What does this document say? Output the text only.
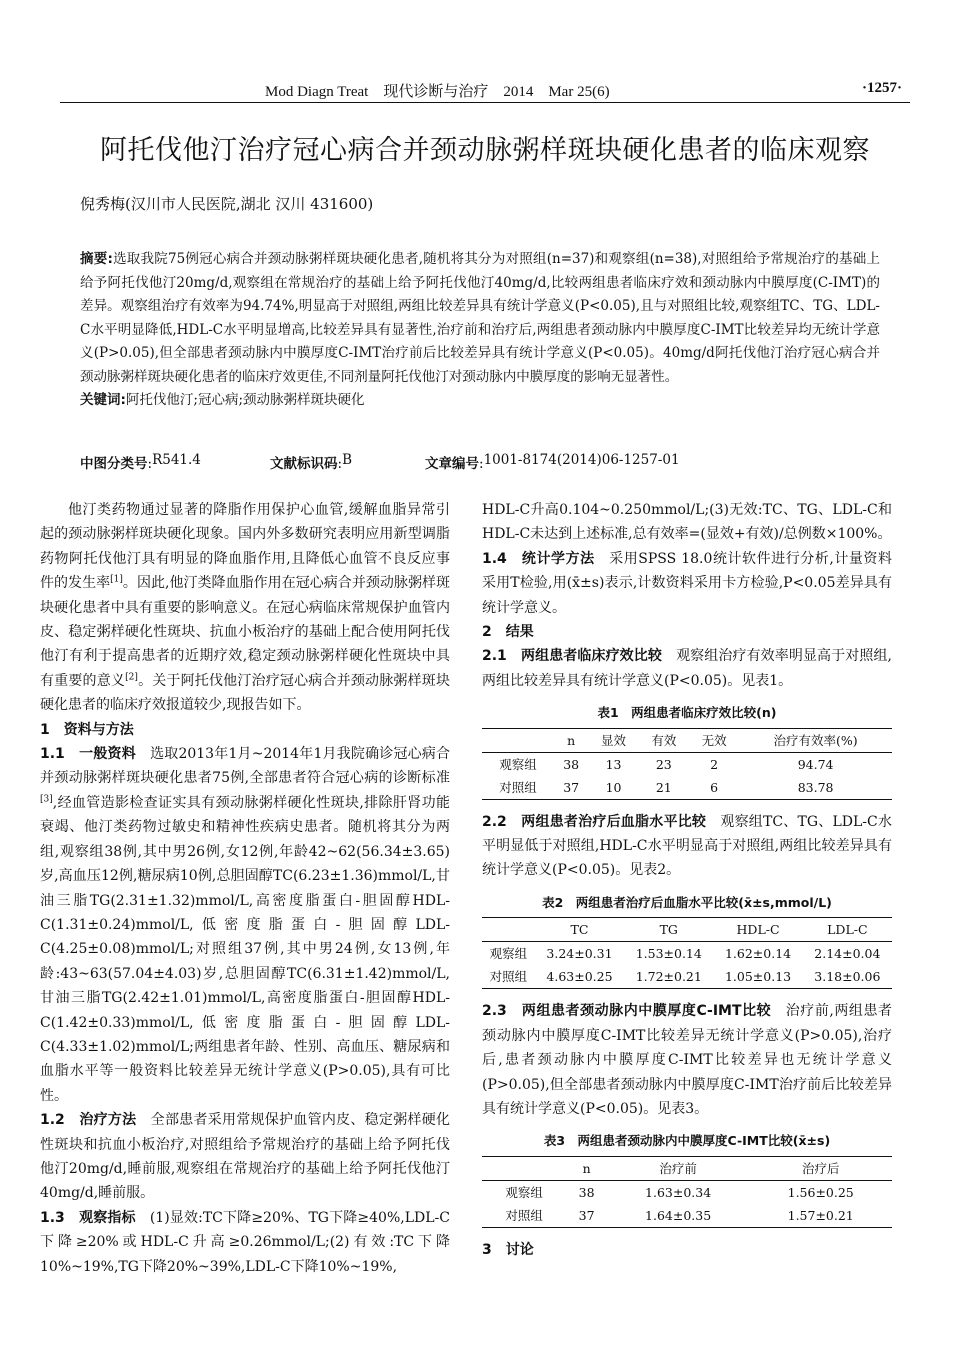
Mod Diagn Treat　现代诊断与治疗　2014　Mar 25(6)	·1257·
阿托伐他汀治疗冠心病合并颈动脉粥样斑块硬化患者的临床观察
倪秀梅(汉川市人民医院,湖北 汉川 431600)
摘要:选取我院75例冠心病合并颈动脉粥样斑块硬化患者,随机将其分为对照组(n=37)和观察组(n=38),对照组给予常规治疗的基础上给予阿托伐他汀20mg/d,观察组在常规治疗的基础上给予阿托伐他汀40mg/d,比较两组患者临床疗效和颈动脉内中膜厚度(C-IMT)的差异。观察组治疗有效率为94.74%,明显高于对照组,两组比较差异具有统计学意义(P<0.05),且与对照组比较,观察组TC、TG、LDL-C水平明显降低,HDL-C水平明显增高,比较差异具有显著性,治疗前和治疗后,两组患者颈动脉内中膜厚度C-IMT比较差异均无统计学意义(P>0.05),但全部患者颈动脉内中膜厚度C-IMT治疗前后比较差异具有统计学意义(P<0.05)。40mg/d阿托伐他汀治疗冠心病合并颈动脉粥样斑块硬化患者的临床疗效更佳,不同剂量阿托伐他汀对颈动脉内中膜厚度的影响无显著性。
关键词:阿托伐他汀;冠心病;颈动脉粥样斑块硬化
中图分类号: R541.4	文献标识码: B	文章编号: 1001-8174(2014)06-1257-01

他汀类药物通过显著的降脂作用保护心血管,缓解血脂异常引起的颈动脉粥样斑块硬化现象。国内外多数研究表明应用新型调脂药物阿托伐他汀具有明显的降血脂作用,且降低心血管不良反应事件的发生率[1]。因此,他汀类降血脂作用在冠心病合并颈动脉粥样斑块硬化患者中具有重要的影响意义。在冠心病临床常规保护血管内皮、稳定粥样硬化性斑块、抗血小板治疗的基础上配合使用阿托伐他汀有利于提高患者的近期疗效,稳定颈动脉粥样硬化性斑块中具有重要的意义[2]。关于阿托伐他汀治疗冠心病合并颈动脉粥样斑块硬化患者的临床疗效报道较少,现报告如下。

1　资料与方法

1.1　一般资料　选取2013年1月~2014年1月我院确诊冠心病合并颈动脉粥样斑块硬化患者75例,全部患者符合冠心病的诊断标准[3],经血管造影检查证实具有颈动脉粥样硬化性斑块,排除肝肾功能衰竭、他汀类药物过敏史和精神性疾病史患者。随机将其分为两组,观察组38例,其中男26例,女12例,年龄42~62(56.34±3.65)岁,高血压12例,糖尿病10例,总胆固醇TC(6.23±1.36)mmol/L,甘油三脂TG(2.31±1.32)mmol/L,高密度脂蛋白-胆固醇HDL-C(1.31±0.24)mmol/L,低密度脂蛋白-胆固醇LDL-C(4.25±0.08)mmol/L;对照组37例,其中男24例,女13例,年龄:43~63(57.04±4.03)岁,总胆固醇TC(6.31±1.42)mmol/L,甘油三脂TG(2.42±1.01)mmol/L,高密度脂蛋白-胆固醇HDL-C(1.42±0.33)mmol/L,低密度脂蛋白-胆固醇LDL-C(4.33±1.02)mmol/L;两组患者年龄、性别、高血压、糖尿病和血脂水平等一般资料比较差异无统计学意义(P>0.05),具有可比性。

1.2　治疗方法　全部患者采用常规保护血管内皮、稳定粥样硬化性斑块和抗血小板治疗,对照组给予常规治疗的基础上给予阿托伐他汀20mg/d,睡前服,观察组在常规治疗的基础上给予阿托伐他汀40mg/d,睡前服。

1.3　观察指标　(1)显效:TC下降≥20%、TG下降≥40%,LDL-C下降≥20%或HDL-C升高≥0.26mmol/L;(2)有效:TC下降10%~19%,TG下降20%~39%,LDL-C下降10%~19%,

HDL-C升高0.104~0.250mmol/L;(3)无效:TC、TG、LDL-C和HDL-C未达到上述标准,总有效率=(显效+有效)/总例数×100%。

1.4　统计学方法　采用SPSS 18.0统计软件进行分析,计量资料采用T检验,用(x̄±s)表示,计数资料采用卡方检验,P<0.05差异具有统计学意义。

2　结果

2.1　两组患者临床疗效比较　观察组治疗有效率明显高于对照组,两组比较差异具有统计学意义(P<0.05)。见表1。

表1　两组患者临床疗效比较(n)
	n	显效	有效	无效	治疗有效率(%)
观察组	38	13	23	2	94.74
对照组	37	10	21	6	83.78

2.2　两组患者治疗后血脂水平比较　观察组TC、TG、LDL-C水平明显低于对照组,HDL-C水平明显高于对照组,两组比较差异具有统计学意义(P<0.05)。见表2。

表2　两组患者治疗后血脂水平比较(x̄±s,mmol/L)
	TC	TG	HDL-C	LDL-C
观察组	3.24±0.31	1.53±0.14	1.62±0.14	2.14±0.04
对照组	4.63±0.25	1.72±0.21	1.05±0.13	3.18±0.06

2.3　两组患者颈动脉内中膜厚度C-IMT比较　治疗前,两组患者颈动脉内中膜厚度C-IMT比较差异无统计学意义(P>0.05),治疗后,患者颈动脉内中膜厚度C-IMT比较差异也无统计学意义(P>0.05),但全部患者颈动脉内中膜厚度C-IMT治疗前后比较差异具有统计学意义(P<0.05)。见表3。

表3　两组患者颈动脉内中膜厚度C-IMT比较(x̄±s)
	n	治疗前	治疗后
观察组	38	1.63±0.34	1.56±0.25
对照组	37	1.64±0.35	1.57±0.21

3　讨论
